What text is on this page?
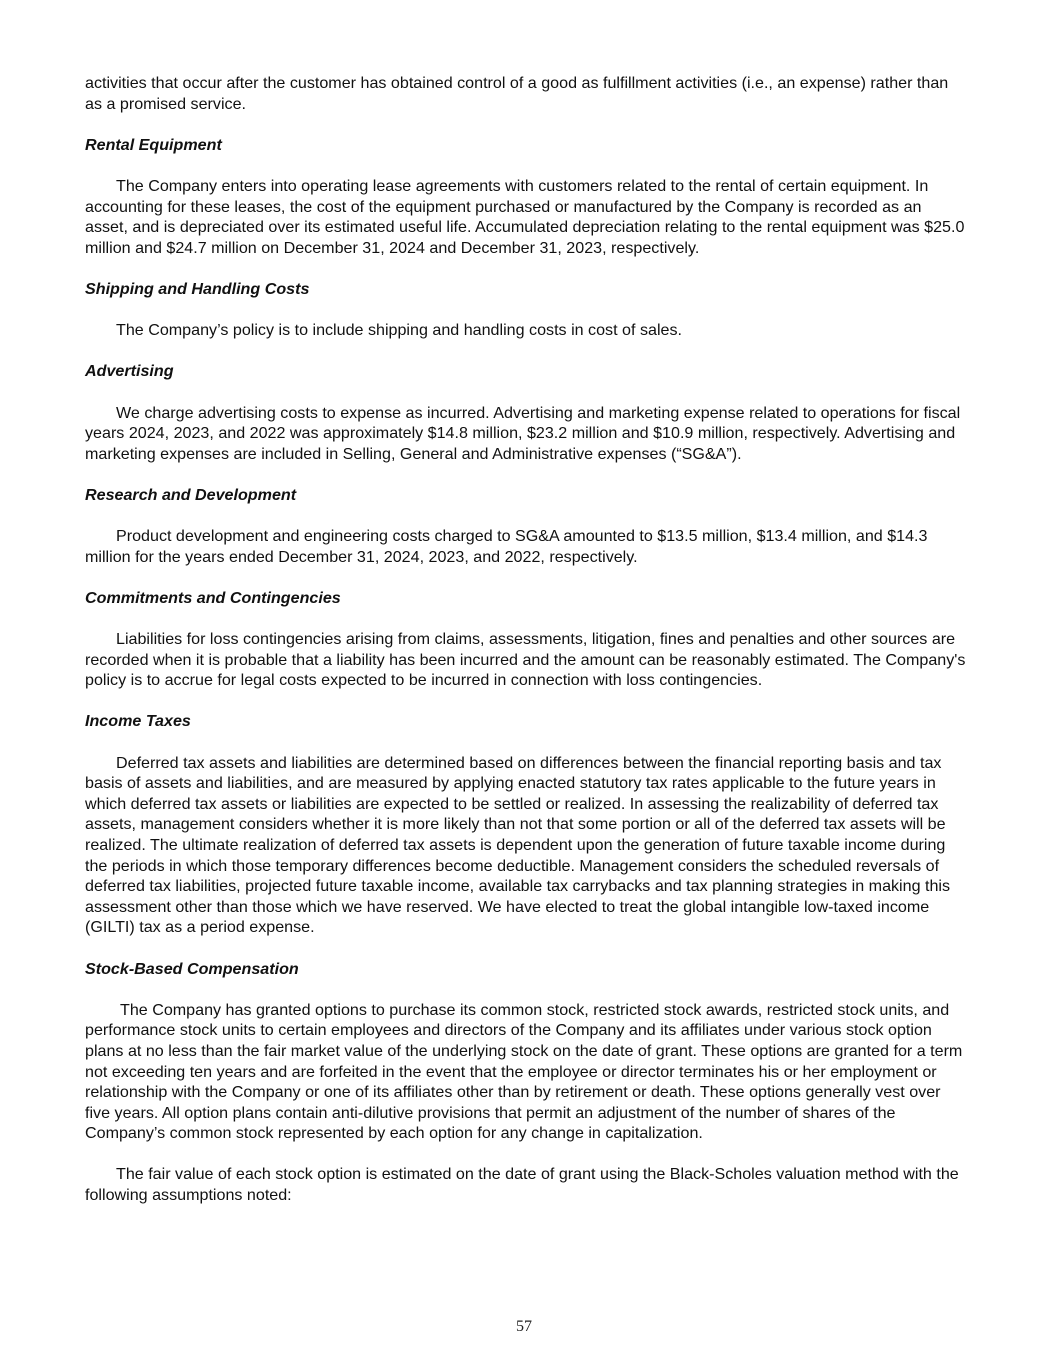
activities that occur after the customer has obtained control of a good as fulfillment activities (i.e., an expense) rather than as a promised service.

Rental Equipment

The Company enters into operating lease agreements with customers related to the rental of certain equipment. In accounting for these leases, the cost of the equipment purchased or manufactured by the Company is recorded as an asset, and is depreciated over its estimated useful life. Accumulated depreciation relating to the rental equipment was $25.0 million and $24.7 million on December 31, 2024 and December 31, 2023, respectively.

Shipping and Handling Costs

The Company’s policy is to include shipping and handling costs in cost of sales.

Advertising

We charge advertising costs to expense as incurred. Advertising and marketing expense related to operations for fiscal years 2024, 2023, and 2022 was approximately $14.8 million, $23.2 million and $10.9 million, respectively. Advertising and marketing expenses are included in Selling, General and Administrative expenses (“SG&A”).

Research and Development

Product development and engineering costs charged to SG&A amounted to $13.5 million, $13.4 million, and $14.3 million for the years ended December 31, 2024, 2023, and 2022, respectively.

Commitments and Contingencies

Liabilities for loss contingencies arising from claims, assessments, litigation, fines and penalties and other sources are recorded when it is probable that a liability has been incurred and the amount can be reasonably estimated. The Company's policy is to accrue for legal costs expected to be incurred in connection with loss contingencies.

Income Taxes

Deferred tax assets and liabilities are determined based on differences between the financial reporting basis and tax basis of assets and liabilities, and are measured by applying enacted statutory tax rates applicable to the future years in which deferred tax assets or liabilities are expected to be settled or realized. In assessing the realizability of deferred tax assets, management considers whether it is more likely than not that some portion or all of the deferred tax assets will be realized. The ultimate realization of deferred tax assets is dependent upon the generation of future taxable income during the periods in which those temporary differences become deductible. Management considers the scheduled reversals of deferred tax liabilities, projected future taxable income, available tax carrybacks and tax planning strategies in making this assessment other than those which we have reserved. We have elected to treat the global intangible low-taxed income (GILTI) tax as a period expense.

Stock-Based Compensation

The Company has granted options to purchase its common stock, restricted stock awards, restricted stock units, and performance stock units to certain employees and directors of the Company and its affiliates under various stock option plans at no less than the fair market value of the underlying stock on the date of grant. These options are granted for a term not exceeding ten years and are forfeited in the event that the employee or director terminates his or her employment or relationship with the Company or one of its affiliates other than by retirement or death. These options generally vest over five years. All option plans contain anti-dilutive provisions that permit an adjustment of the number of shares of the Company’s common stock represented by each option for any change in capitalization.

The fair value of each stock option is estimated on the date of grant using the Black-Scholes valuation method with the following assumptions noted:

57
